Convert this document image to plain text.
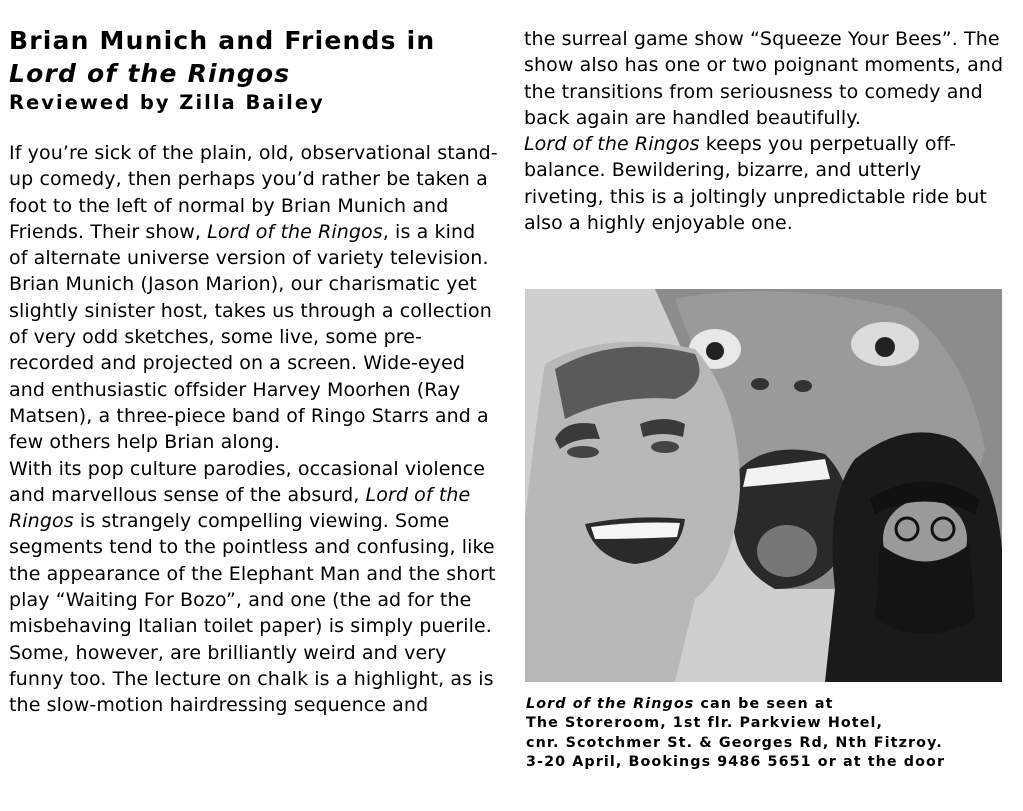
Brian Munich and Friends in
Lord of the Ringos
Reviewed by Zilla Bailey

If you’re sick of the plain, old, observational stand-up comedy, then perhaps you’d rather be taken a foot to the left of normal by Brian Munich and Friends. Their show, Lord of the Ringos, is a kind of alternate universe version of variety television. Brian Munich (Jason Marion), our charismatic yet slightly sinister host, takes us through a collection of very odd sketches, some live, some pre-recorded and projected on a screen. Wide-eyed and enthusiastic offsider Harvey Moorhen (Ray Matsen), a three-piece band of Ringo Starrs and a few others help Brian along.

With its pop culture parodies, occasional violence and marvellous sense of the absurd, Lord of the Ringos is strangely compelling viewing. Some segments tend to the pointless and confusing, like the appearance of the Elephant Man and the short play “Waiting For Bozo”, and one (the ad for the misbehaving Italian toilet paper) is simply puerile. Some, however, are brilliantly weird and very funny too. The lecture on chalk is a highlight, as is the slow-motion hairdressing sequence and

the surreal game show “Squeeze Your Bees”. The show also has one or two poignant moments, and the transitions from seriousness to comedy and back again are handled beautifully.

Lord of the Ringos keeps you perpetually off-balance. Bewildering, bizarre, and utterly riveting, this is a joltingly unpredictable ride but also a highly enjoyable one.

Lord of the Ringos can be seen at
The Storeroom, 1st flr. Parkview Hotel,
cnr. Scotchmer St. & Georges Rd, Nth Fitzroy.
3-20 April, Bookings 9486 5651 or at the door
